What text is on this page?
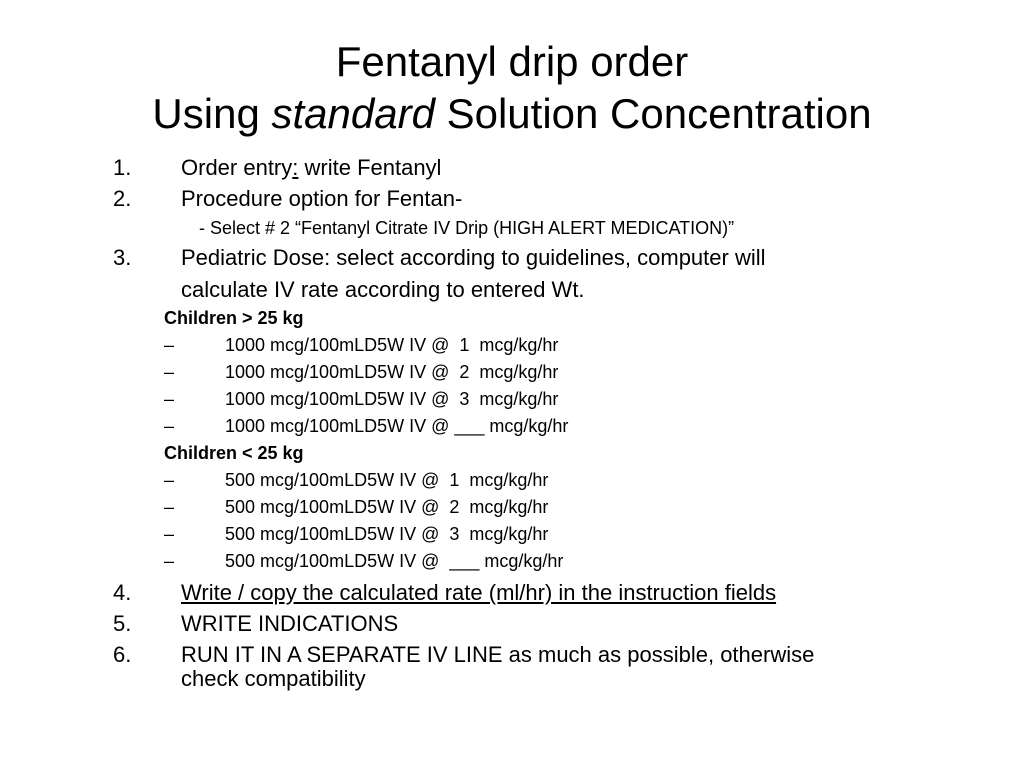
Fentanyl drip order
Using standard Solution Concentration
1. Order entry: write Fentanyl
2. Procedure option for Fentan-
- Select # 2 “Fentanyl Citrate IV Drip (HIGH ALERT MEDICATION)”
3. Pediatric Dose: select according to guidelines, computer will
calculate IV rate according to entered Wt.
Children > 25 kg
–	1000 mcg/100mLD5W IV @  1  mcg/kg/hr
–	1000 mcg/100mLD5W IV @  2  mcg/kg/hr
–	1000 mcg/100mLD5W IV @  3  mcg/kg/hr
–	1000 mcg/100mLD5W IV @ ___ mcg/kg/hr
Children < 25 kg
–	500 mcg/100mLD5W IV @  1  mcg/kg/hr
–	500 mcg/100mLD5W IV @  2  mcg/kg/hr
–	500 mcg/100mLD5W IV @  3  mcg/kg/hr
–	500 mcg/100mLD5W IV @  ___ mcg/kg/hr
4. Write / copy the calculated rate (ml/hr) in the instruction fields
5. WRITE INDICATIONS
6. RUN IT IN A SEPARATE IV LINE as much as possible, otherwise
check compatibility
